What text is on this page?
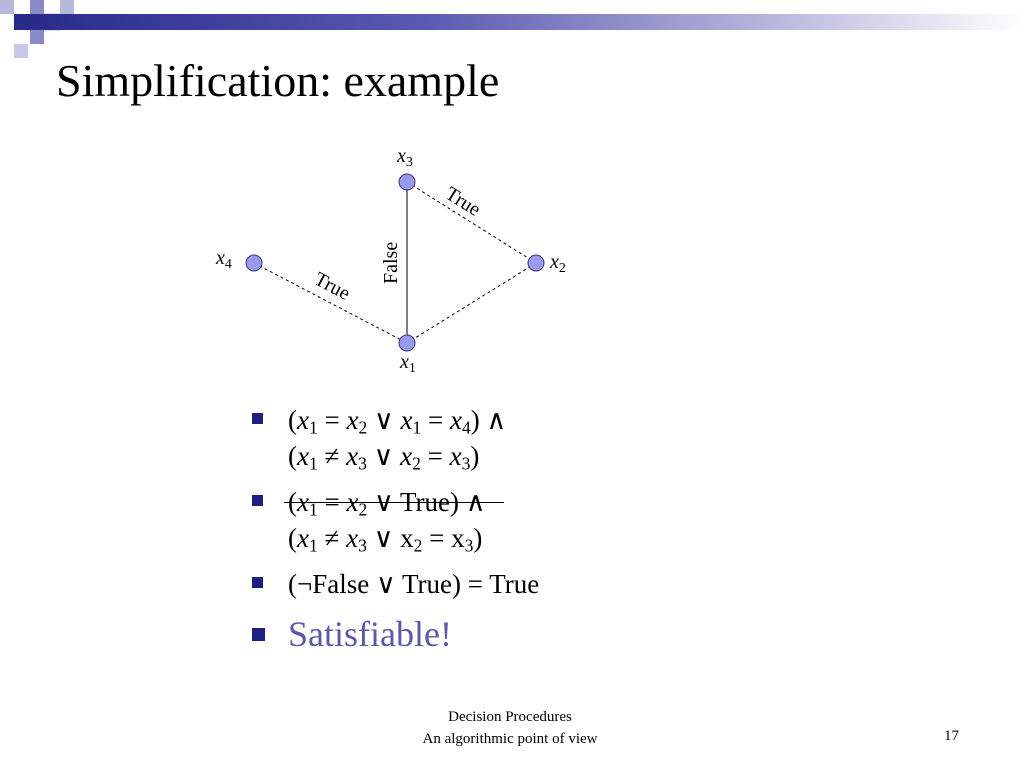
Simplification: example
$x_3$
$x_2$
$x_4$
$x_1$
True
False
True
($x_1 = x_2$ ∨ $x_1 = x_4$) ∧
($x_1 \ne x_3$ ∨ $x_2 = x_3$)
($x_1 = x_2$ ∨ True) ∧
($x_1 \ne x_3$ ∨ $x_2 = x_3$)
(¬False ∨ True) = True
Satisfiable!
Decision Procedures
An algorithmic point of view	17
